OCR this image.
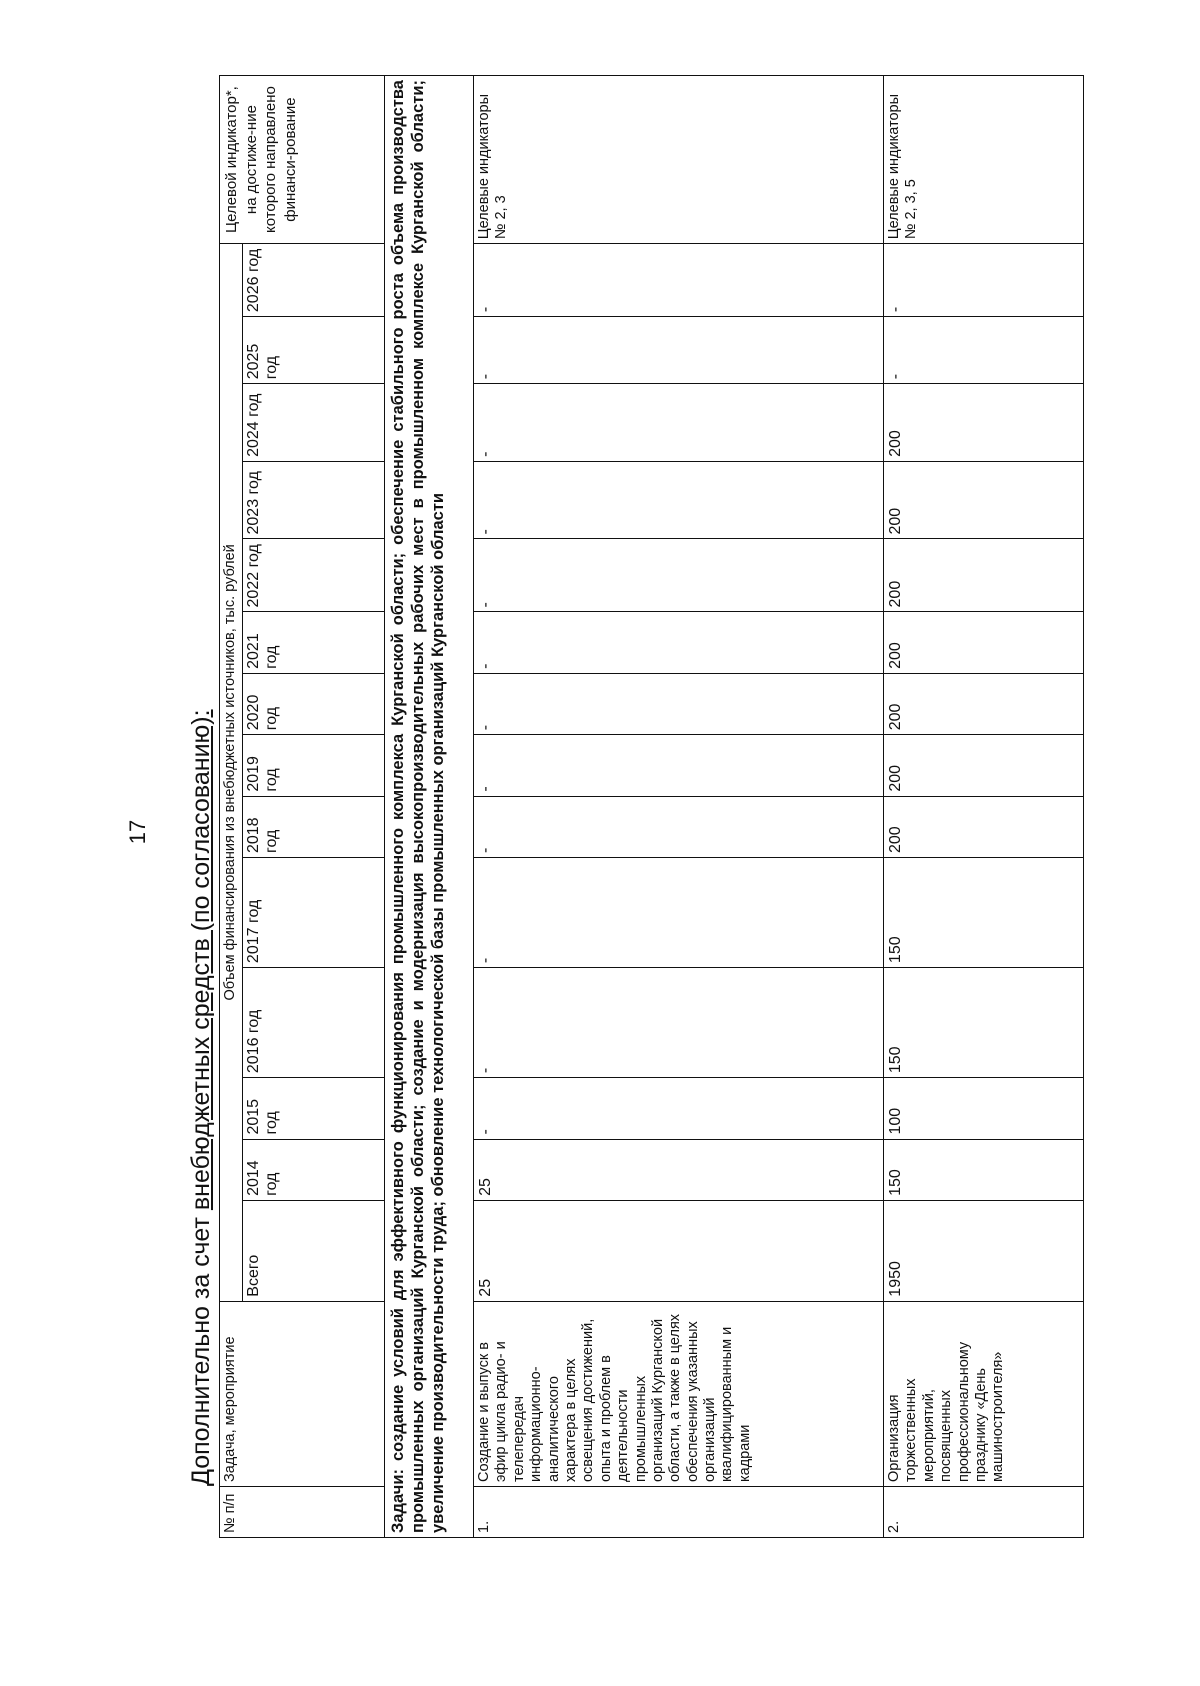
17
Дополнительно за счет внебюджетных средств (по согласованию):
№ п/п	Задача, мероприятие	Объем финансирования из внебюджетных источников, тыс. рублей														Целевой индикатор*, на достиже-ние которого направлено финанси-рование
		Всего	2014 год	2015 год	2016 год	2017 год	2018 год	2019 год	2020 год	2021 год	2022 год	2023 год	2024 год	2025 год	2026 год	
Задачи: создание условий для эффективного функционирования промышленного комплекса Курганской области; обеспечение стабильного роста объема производства промышленных организаций Курганской области; создание и модернизация высокопроизводительных рабочих мест в промышленном комплексе Курганской области; увеличение производительности труда; обновление технологической базы промышленных организаций Курганской области																
1.	Создание и выпуск в эфир цикла радио- и телепередач информационно-аналитического характера в целях освещения достижений, опыта и проблем в деятельности промышленных организаций Курганской области, а также в целях обеспечения указанных организаций квалифицированным и кадрами	25	25	-	-	-	-	-	-	-	-	-	-	-	-	Целевые индикаторы № 2, 3
2.	Организация торжественных мероприятий, посвященных профессиональному празднику «День машиностроителя»	1950	150	100	150	150	200	200	200	200	200	200	200	-	-	Целевые индикаторы № 2, 3, 5
